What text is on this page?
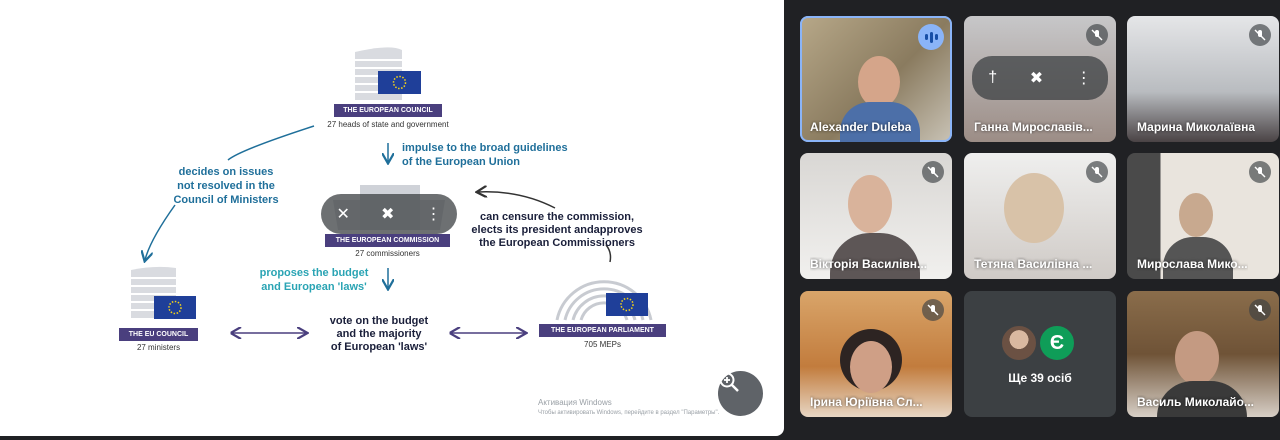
THE EUROPEAN COUNCIL
27 heads of state and government
THE EUROPEAN COMMISSION
27 commissioners
THE EU COUNCIL
27 ministers
THE EUROPEAN PARLIAMENT
705 MEPs
impulse to the broad guidelines
of the European Union
decides on issues
not resolved in the
Council of Ministers
can censure the commission,
elects its president andapproves
the European Commissioners
proposes the budget
and European 'laws'
vote on the budget
and the majority
of European 'laws'
✕ ✖ ⋮
Активация Windows
Чтобы активировать Windows, перейдите в раздел "Параметры".
Alexander Duleba
† ✖ ⋮
Ганна Мирославів...	Марина Миколаївна
Вікторія Василівн...	Тетяна Василівна ...	Мирослава Мико...
Ірина Юріївна Сл...
Є
Ще 39 осіб
Василь Миколайо...
